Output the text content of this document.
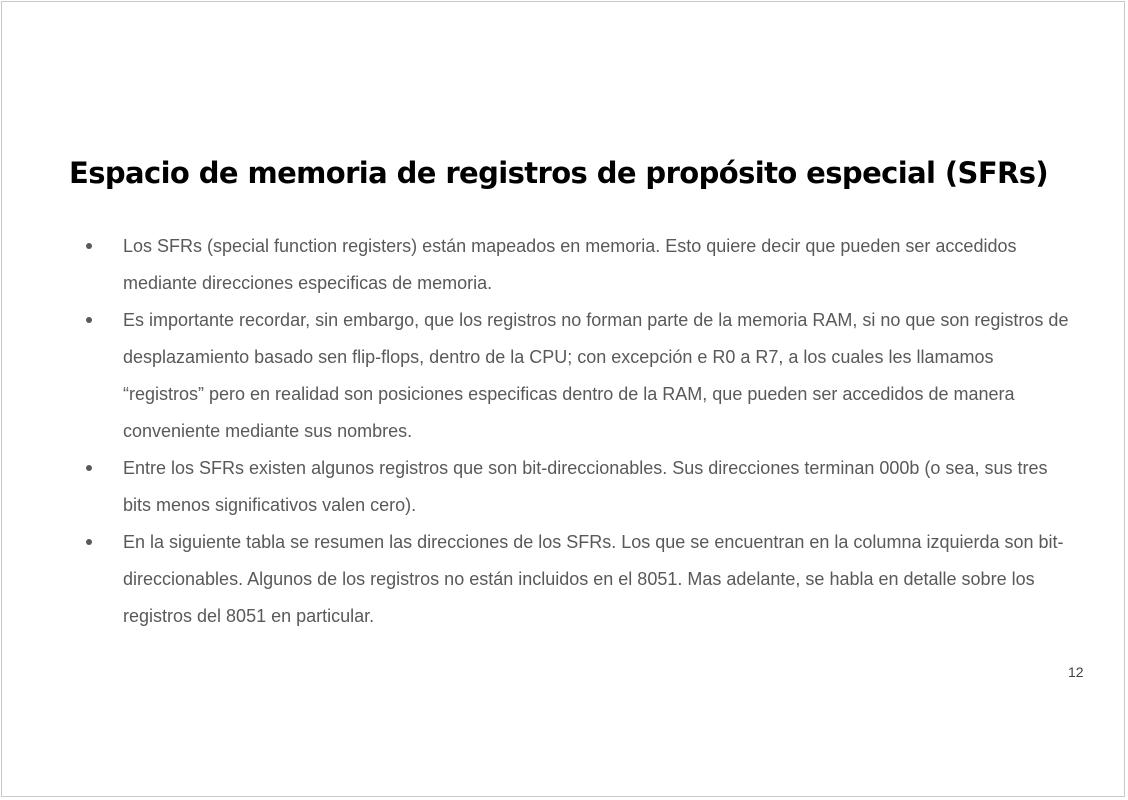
Espacio de memoria de registros de propósito especial (SFRs)
Los SFRs (special function registers) están mapeados en memoria. Esto quiere decir que pueden ser accedidos mediante direcciones especificas de memoria.
Es importante recordar, sin embargo, que los registros no forman parte de la memoria RAM, si no que son registros de desplazamiento basado sen flip-flops, dentro de la CPU; con excepción e R0 a R7, a los cuales les llamamos “registros” pero en realidad son posiciones especificas dentro de la RAM, que pueden ser accedidos de manera conveniente mediante sus nombres.
Entre los SFRs existen algunos registros que son bit-direccionables. Sus direcciones terminan 000b (o sea, sus tres bits menos significativos valen cero).
En la siguiente tabla se resumen las direcciones de los SFRs. Los que se encuentran en la columna izquierda son bit-direccionables. Algunos de los registros no están incluidos en el 8051. Mas adelante, se habla en detalle sobre los registros del 8051 en particular.
12
